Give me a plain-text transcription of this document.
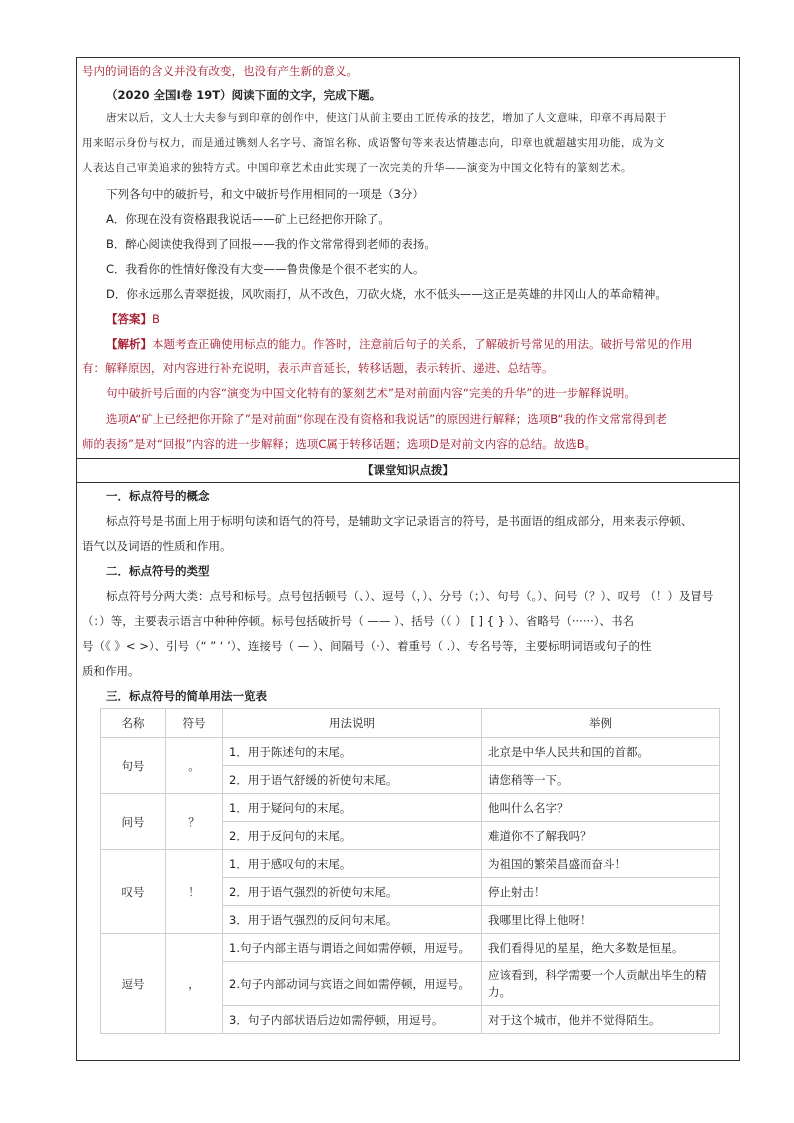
号内的词语的含义并没有改变，也没有产生新的意义。
（2020 全国Ⅰ卷 19T）阅读下面的文字，完成下题。
唐宋以后，文人士大夫参与到印章的创作中，使这门从前主要由工匠传承的技艺，增加了人文意味，印章不再局限于
用来昭示身份与权力，而是通过镌刻人名字号、斋馆名称、成语警句等来表达情趣志向，印章也就超越实用功能，成为文
人表达自己审美追求的独特方式。中国印章艺术由此实现了一次完美的升华——演变为中国文化特有的篆刻艺术。
下列各句中的破折号，和文中破折号作用相同的一项是（3分）
A．你现在没有资格跟我说话——矿上已经把你开除了。
B．醉心阅读使我得到了回报——我的作文常常得到老师的表扬。
C．我看你的性情好像没有大变——鲁贵像是个很不老实的人。
D．你永远那么青翠挺拔，风吹雨打，从不改色，刀砍火烧，水不低头——这正是英雄的井冈山人的革命精神。
【答案】B
【解析】本题考查正确使用标点的能力。作答时，注意前后句子的关系，了解破折号常见的用法。破折号常见的作用
有：解释原因，对内容进行补充说明，表示声音延长，转移话题，表示转折、递进、总结等。
句中破折号后面的内容“演变为中国文化特有的篆刻艺术”是对前面内容“完美的升华”的进一步解释说明。
选项A“矿上已经把你开除了”是对前面“你现在没有资格和我说话”的原因进行解释；选项B“我的作文常常得到老
师的表扬”是对“回报”内容的进一步解释；选项C属于转移话题；选项D是对前文内容的总结。故选B。
【课堂知识点拨】
一．标点符号的概念
标点符号是书面上用于标明句读和语气的符号，是辅助文字记录语言的符号，是书面语的组成部分，用来表示停顿、
语气以及词语的性质和作用。
二．标点符号的类型
标点符号分两大类：点号和标号。点号包括顿号（、）、逗号（，）、分号（；）、句号（。）、问号（？）、叹号 （！）及冒号
（：）等，主要表示语言中种种停顿。标号包括破折号（ —— ）、括号（（ ） [ ] { } ）、省略号（······）、书名
号（《 》< >）、引号（“ ” ‘ ’）、连接号（ — ）、间隔号（·）、着重号（ .）、专名号等，主要标明词语或句子的性
质和作用。
三．标点符号的简单用法一览表
名称	符号	用法说明	举例
句号	。	1．用于陈述句的末尾。	北京是中华人民共和国的首都。
		2．用于语气舒缓的祈使句末尾。	请您稍等一下。
问号	？	1．用于疑问句的末尾。	他叫什么名字？
		2．用于反问句的末尾。	难道你不了解我吗？
叹号	！	1．用于感叹句的末尾。	为祖国的繁荣昌盛而奋斗！
		2．用于语气强烈的祈使句末尾。	停止射击！
		3．用于语气强烈的反问句末尾。	我哪里比得上他呀！
逗号	，	1.句子内部主语与谓语之间如需停顿，用逗号。	我们看得见的星星，绝大多数是恒星。
		2.句子内部动词与宾语之间如需停顿，用逗号。	应该看到，科学需要一个人贡献出毕生的精
力。
		3．句子内部状语后边如需停顿，用逗号。	对于这个城市，他并不觉得陌生。
